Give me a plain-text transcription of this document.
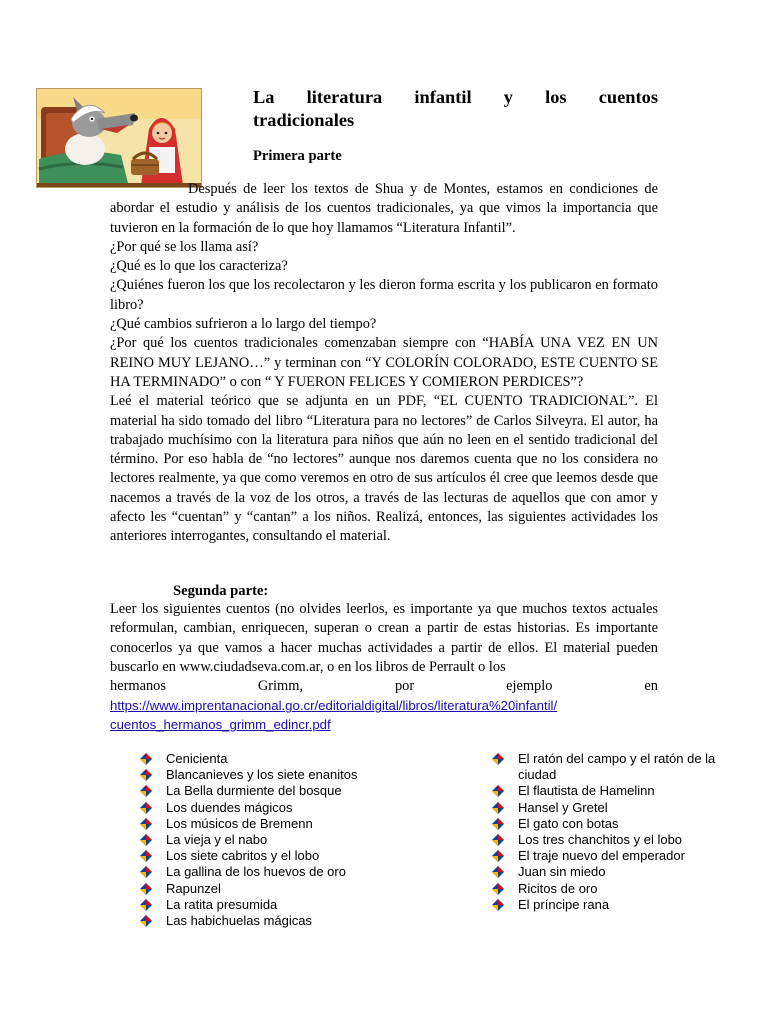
La literatura infantil y los cuentos
tradicionales

Primera parte

Después de leer los textos de Shua y de Montes, estamos en condiciones de abordar el estudio y análisis de los cuentos tradicionales, ya que vimos la importancia que tuvieron en la formación de lo que hoy llamamos “Literatura Infantil”.

¿Por qué se los llama así?

¿Qué es lo que los caracteriza?

¿Quiénes fueron los que los recolectaron y les dieron forma escrita y los publicaron en formato libro?

¿Qué cambios sufrieron a lo largo del tiempo?

¿Por qué los cuentos tradicionales comenzaban siempre con “HABÍA UNA VEZ EN UN REINO MUY LEJANO…” y terminan con “Y COLORÍN COLORADO, ESTE CUENTO SE HA TERMINADO” o con “ Y FUERON FELICES Y COMIERON PERDICES”?

Leé el material teórico que se adjunta en un PDF, “EL CUENTO TRADICIONAL”. El material ha sido tomado del libro “Literatura para no lectores” de Carlos Silveyra. El autor, ha trabajado muchísimo con la literatura para niños que aún no leen en el sentido tradicional del término. Por eso habla de “no lectores” aunque nos daremos cuenta que no los considera no lectores realmente, ya que como veremos en otro de sus artículos él cree que leemos desde que nacemos a través de la voz de los otros, a través de las lecturas de aquellos que con amor y afecto les “cuentan” y “cantan” a los niños. Realizá, entonces, las siguientes actividades los anteriores interrogantes, consultando el material.

Segunda parte:

Leer los siguientes cuentos (no olvides leerlos, es importante ya que muchos textos actuales reformulan, cambian, enriquecen, superan o crean a partir de estas historias. Es importante conocerlos ya que vamos a hacer muchas actividades a partir de ellos. El material pueden buscarlo en www.ciudadseva.com.ar, o en los libros de Perrault o los

hermanos	Grimm,	por	ejemplo	en
https://www.imprentanacional.go.cr/editorialdigital/libros/literatura%20infantil/
cuentos_hermanos_grimm_edincr.pdf
Cenicienta
Blancanieves y los siete enanitos
La Bella durmiente del bosque
Los duendes mágicos
Los músicos de Bremenn
La vieja y el nabo
Los siete cabritos y el lobo
La gallina de los huevos de oro
Rapunzel
La ratita presumida
Las habichuelas mágicas
El ratón del campo y el ratón de la ciudad
El flautista de Hamelinn
Hansel y Gretel
El gato con botas
Los tres chanchitos y el lobo
El traje nuevo del emperador
Juan sin miedo
Ricitos de oro
El príncipe rana
